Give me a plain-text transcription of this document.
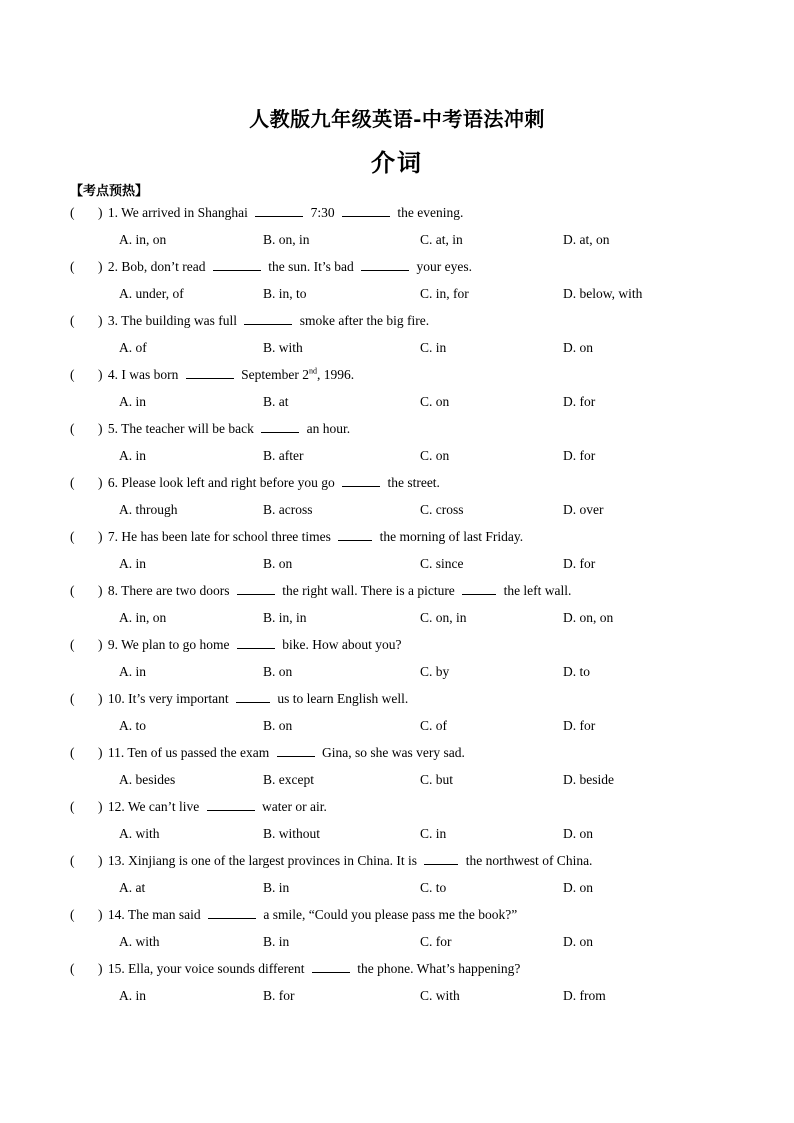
人教版九年级英语-中考语法冲刺
介词
【考点预热】
( ) 1. We arrived in Shanghai	7:30	the evening.
A. in, on	B. on, in	C. at, in	D. at, on
( ) 2. Bob, don’t read	the sun. It’s bad	your eyes.
A. under, of	B. in, to	C. in, for	D. below, with
( ) 3. The building was full	smoke after the big fire.
A. of	B. with	C. in	D. on
( ) 4. I was born	September 2nd, 1996.
A. in	B. at	C. on	D. for
( ) 5. The teacher will be back	an hour.
A. in	B. after	C. on	D. for
( ) 6. Please look left and right before you go	the street.
A. through	B. across	C. cross	D. over
( ) 7. He has been late for school three times	the morning of last Friday.
A. in	B. on	C. since	D. for
( ) 8. There are two doors	the right wall. There is a picture	the left wall.
A. in, on	B. in, in	C. on, in	D. on, on
( ) 9. We plan to go home	bike. How about you?
A. in	B. on	C. by	D. to
( ) 10. It’s very important	us to learn English well.
A. to	B. on	C. of	D. for
( ) 11. Ten of us passed the exam	Gina, so she was very sad.
A. besides	B. except	C. but	D. beside
( ) 12. We can’t live	water or air.
A. with	B. without	C. in	D. on
( ) 13. Xinjiang is one of the largest provinces in China. It is	the northwest of China.
A. at	B. in	C. to	D. on
( ) 14. The man said	a smile, “Could you please pass me the book?”
A. with	B. in	C. for	D. on
( ) 15. Ella, your voice sounds different	the phone. What’s happening?
A. in	B. for	C. with	D. from
